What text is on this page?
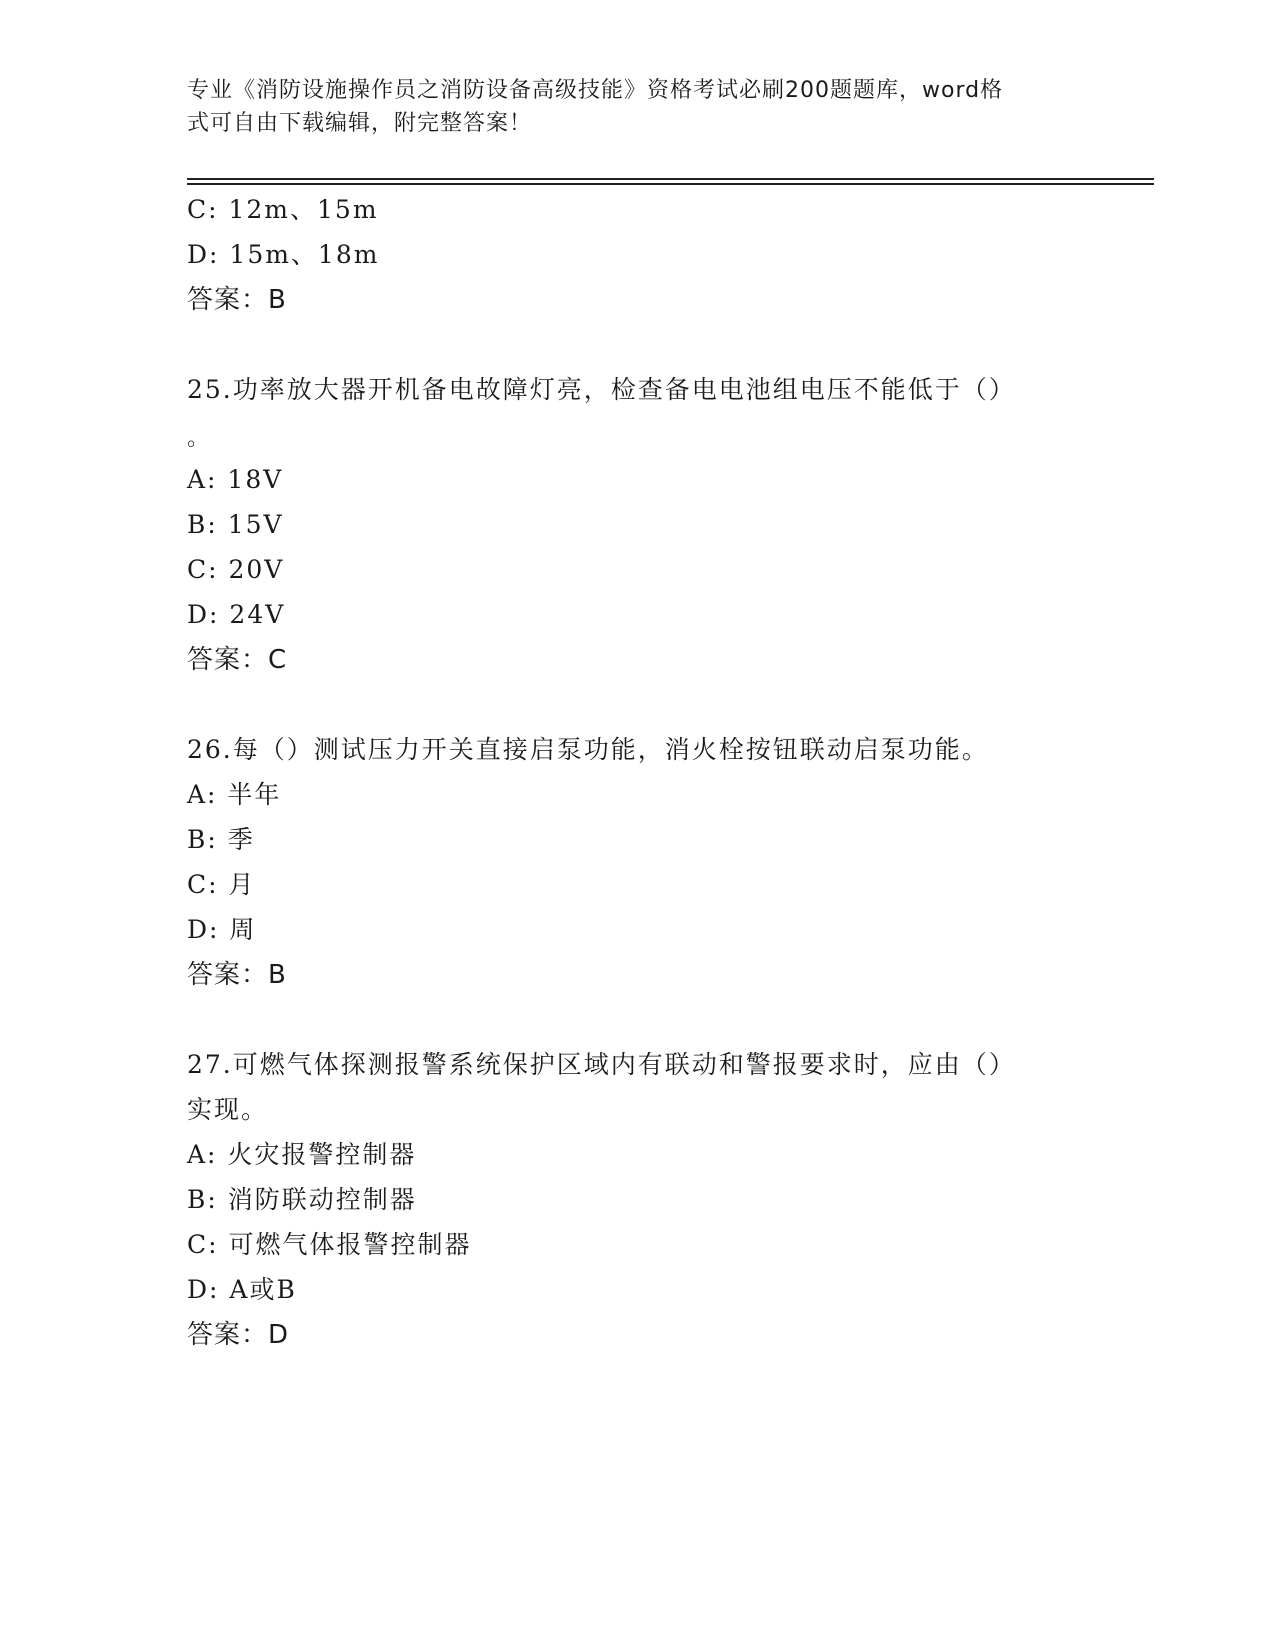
专业《消防设施操作员之消防设备高级技能》资格考试必刷200题题库，word格
式可自由下载编辑，附完整答案！
C: 12m、15m
D: 15m、18m
答案：B
25.功率放大器开机备电故障灯亮，检查备电电池组电压不能低于（）
。
A: 18V
B: 15V
C: 20V
D: 24V
答案：C
26.每（）测试压力开关直接启泵功能，消火栓按钮联动启泵功能。
A: 半年
B: 季
C: 月
D: 周
答案：B
27.可燃气体探测报警系统保护区域内有联动和警报要求时，应由（）
实现。
A: 火灾报警控制器
B: 消防联动控制器
C: 可燃气体报警控制器
D: A或B
答案：D
